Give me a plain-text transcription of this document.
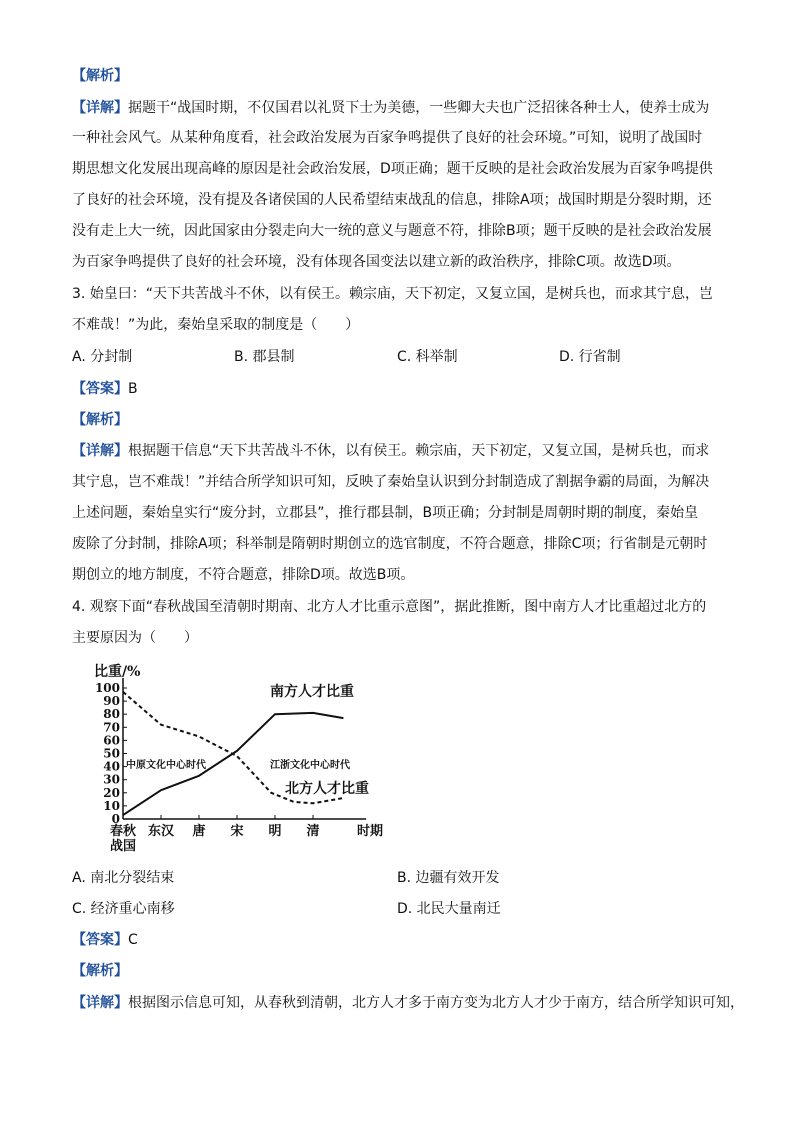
【解析】
【详解】据题干“战国时期，不仅国君以礼贤下士为美德，一些卿大夫也广泛招徕各种士人，使养士成为
一种社会风气。从某种角度看，社会政治发展为百家争鸣提供了良好的社会环境。”可知，说明了战国时
期思想文化发展出现高峰的原因是社会政治发展，D项正确；题干反映的是社会政治发展为百家争鸣提供
了良好的社会环境，没有提及各诸侯国的人民希望结束战乱的信息，排除A项；战国时期是分裂时期，还
没有走上大一统，因此国家由分裂走向大一统的意义与题意不符，排除B项；题干反映的是社会政治发展
为百家争鸣提供了良好的社会环境，没有体现各国变法以建立新的政治秩序，排除C项。故选D项。
3. 始皇曰：“天下共苦战斗不休，以有侯王。赖宗庙，天下初定，又复立国，是树兵也，而求其宁息，岂
不难哉！”为此，秦始皇采取的制度是（　　）
A. 分封制	B. 郡县制	C. 科举制	D. 行省制
【答案】B
【解析】
【详解】根据题干信息“天下共苦战斗不休，以有侯王。赖宗庙，天下初定，又复立国，是树兵也，而求
其宁息，岂不难哉！”并结合所学知识可知，反映了秦始皇认识到分封制造成了割据争霸的局面，为解决
上述问题，秦始皇实行“废分封，立郡县”，推行郡县制，B项正确；分封制是周朝时期的制度，秦始皇
废除了分封制，排除A项；科举制是隋朝时期创立的选官制度，不符合题意，排除C项；行省制是元朝时
期创立的地方制度，不符合题意，排除D项。故选B项。
4. 观察下面“春秋战国至清朝时期南、北方人才比重示意图”，据此推断，图中南方人才比重超过北方的
主要原因为（　　）
比重/%
0
10
20
30
40
50
60
70
80
90
100
春秋 东汉 唐 宋 明 清
战国
时期
南方人才比重
北方人才比重
中原文化中心时代	江浙文化中心时代
A. 南北分裂结束	B. 边疆有效开发
C. 经济重心南移	D. 北民大量南迁
【答案】C
【解析】
【详解】根据图示信息可知，从春秋到清朝，北方人才多于南方变为北方人才少于南方，结合所学知识可知，
